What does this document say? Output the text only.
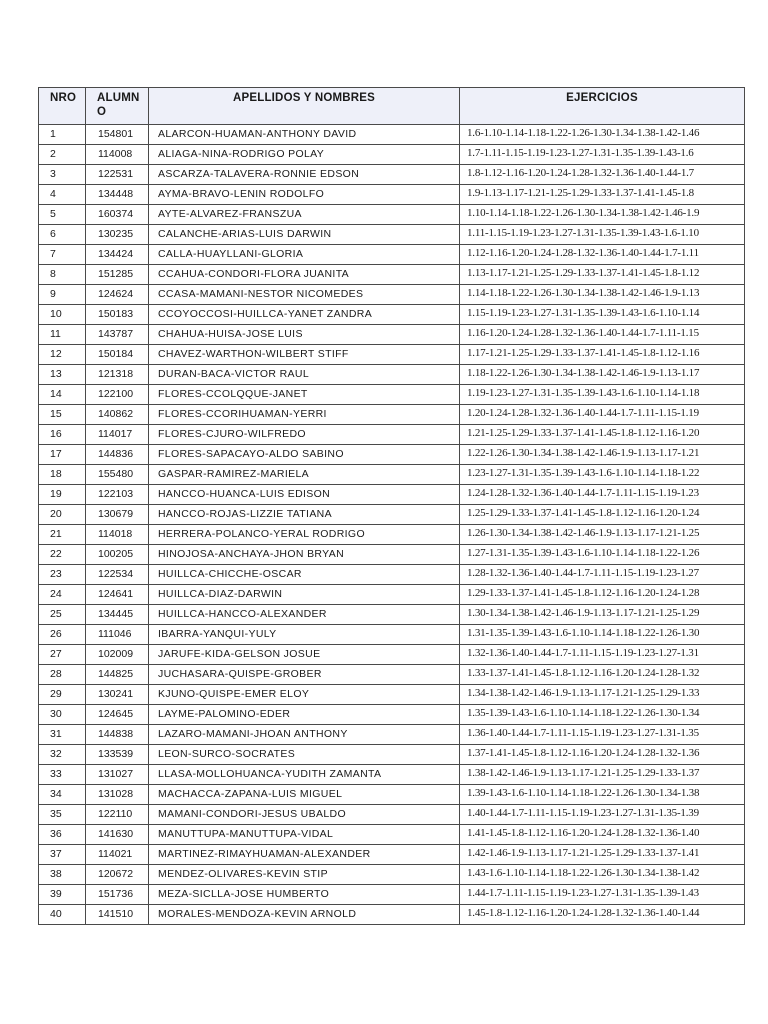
NRO	ALUMNO	APELLIDOS Y NOMBRES	EJERCICIOS
1	154801	ALARCON-HUAMAN-ANTHONY DAVID	1.6-1.10-1.14-1.18-1.22-1.26-1.30-1.34-1.38-1.42-1.46
2	114008	ALIAGA-NINA-RODRIGO POLAY	1.7-1.11-1.15-1.19-1.23-1.27-1.31-1.35-1.39-1.43-1.6
3	122531	ASCARZA-TALAVERA-RONNIE EDSON	1.8-1.12-1.16-1.20-1.24-1.28-1.32-1.36-1.40-1.44-1.7
4	134448	AYMA-BRAVO-LENIN RODOLFO	1.9-1.13-1.17-1.21-1.25-1.29-1.33-1.37-1.41-1.45-1.8
5	160374	AYTE-ALVAREZ-FRANSZUA	1.10-1.14-1.18-1.22-1.26-1.30-1.34-1.38-1.42-1.46-1.9
6	130235	CALANCHE-ARIAS-LUIS DARWIN	1.11-1.15-1.19-1.23-1.27-1.31-1.35-1.39-1.43-1.6-1.10
7	134424	CALLA-HUAYLLANI-GLORIA	1.12-1.16-1.20-1.24-1.28-1.32-1.36-1.40-1.44-1.7-1.11
8	151285	CCAHUA-CONDORI-FLORA JUANITA	1.13-1.17-1.21-1.25-1.29-1.33-1.37-1.41-1.45-1.8-1.12
9	124624	CCASA-MAMANI-NESTOR NICOMEDES	1.14-1.18-1.22-1.26-1.30-1.34-1.38-1.42-1.46-1.9-1.13
10	150183	CCOYOCCOSI-HUILLCA-YANET ZANDRA	1.15-1.19-1.23-1.27-1.31-1.35-1.39-1.43-1.6-1.10-1.14
11	143787	CHAHUA-HUISA-JOSE LUIS	1.16-1.20-1.24-1.28-1.32-1.36-1.40-1.44-1.7-1.11-1.15
12	150184	CHAVEZ-WARTHON-WILBERT STIFF	1.17-1.21-1.25-1.29-1.33-1.37-1.41-1.45-1.8-1.12-1.16
13	121318	DURAN-BACA-VICTOR RAUL	1.18-1.22-1.26-1.30-1.34-1.38-1.42-1.46-1.9-1.13-1.17
14	122100	FLORES-CCOLQQUE-JANET	1.19-1.23-1.27-1.31-1.35-1.39-1.43-1.6-1.10-1.14-1.18
15	140862	FLORES-CCORIHUAMAN-YERRI	1.20-1.24-1.28-1.32-1.36-1.40-1.44-1.7-1.11-1.15-1.19
16	114017	FLORES-CJURO-WILFREDO	1.21-1.25-1.29-1.33-1.37-1.41-1.45-1.8-1.12-1.16-1.20
17	144836	FLORES-SAPACAYO-ALDO SABINO	1.22-1.26-1.30-1.34-1.38-1.42-1.46-1.9-1.13-1.17-1.21
18	155480	GASPAR-RAMIREZ-MARIELA	1.23-1.27-1.31-1.35-1.39-1.43-1.6-1.10-1.14-1.18-1.22
19	122103	HANCCO-HUANCA-LUIS EDISON	1.24-1.28-1.32-1.36-1.40-1.44-1.7-1.11-1.15-1.19-1.23
20	130679	HANCCO-ROJAS-LIZZIE TATIANA	1.25-1.29-1.33-1.37-1.41-1.45-1.8-1.12-1.16-1.20-1.24
21	114018	HERRERA-POLANCO-YERAL RODRIGO	1.26-1.30-1.34-1.38-1.42-1.46-1.9-1.13-1.17-1.21-1.25
22	100205	HINOJOSA-ANCHAYA-JHON BRYAN	1.27-1.31-1.35-1.39-1.43-1.6-1.10-1.14-1.18-1.22-1.26
23	122534	HUILLCA-CHICCHE-OSCAR	1.28-1.32-1.36-1.40-1.44-1.7-1.11-1.15-1.19-1.23-1.27
24	124641	HUILLCA-DIAZ-DARWIN	1.29-1.33-1.37-1.41-1.45-1.8-1.12-1.16-1.20-1.24-1.28
25	134445	HUILLCA-HANCCO-ALEXANDER	1.30-1.34-1.38-1.42-1.46-1.9-1.13-1.17-1.21-1.25-1.29
26	111046	IBARRA-YANQUI-YULY	1.31-1.35-1.39-1.43-1.6-1.10-1.14-1.18-1.22-1.26-1.30
27	102009	JARUFE-KIDA-GELSON JOSUE	1.32-1.36-1.40-1.44-1.7-1.11-1.15-1.19-1.23-1.27-1.31
28	144825	JUCHASARA-QUISPE-GROBER	1.33-1.37-1.41-1.45-1.8-1.12-1.16-1.20-1.24-1.28-1.32
29	130241	KJUNO-QUISPE-EMER ELOY	1.34-1.38-1.42-1.46-1.9-1.13-1.17-1.21-1.25-1.29-1.33
30	124645	LAYME-PALOMINO-EDER	1.35-1.39-1.43-1.6-1.10-1.14-1.18-1.22-1.26-1.30-1.34
31	144838	LAZARO-MAMANI-JHOAN ANTHONY	1.36-1.40-1.44-1.7-1.11-1.15-1.19-1.23-1.27-1.31-1.35
32	133539	LEON-SURCO-SOCRATES	1.37-1.41-1.45-1.8-1.12-1.16-1.20-1.24-1.28-1.32-1.36
33	131027	LLASA-MOLLOHUANCA-YUDITH ZAMANTA	1.38-1.42-1.46-1.9-1.13-1.17-1.21-1.25-1.29-1.33-1.37
34	131028	MACHACCA-ZAPANA-LUIS MIGUEL	1.39-1.43-1.6-1.10-1.14-1.18-1.22-1.26-1.30-1.34-1.38
35	122110	MAMANI-CONDORI-JESUS UBALDO	1.40-1.44-1.7-1.11-1.15-1.19-1.23-1.27-1.31-1.35-1.39
36	141630	MANUTTUPA-MANUTTUPA-VIDAL	1.41-1.45-1.8-1.12-1.16-1.20-1.24-1.28-1.32-1.36-1.40
37	114021	MARTINEZ-RIMAYHUAMAN-ALEXANDER	1.42-1.46-1.9-1.13-1.17-1.21-1.25-1.29-1.33-1.37-1.41
38	120672	MENDEZ-OLIVARES-KEVIN STIP	1.43-1.6-1.10-1.14-1.18-1.22-1.26-1.30-1.34-1.38-1.42
39	151736	MEZA-SICLLA-JOSE HUMBERTO	1.44-1.7-1.11-1.15-1.19-1.23-1.27-1.31-1.35-1.39-1.43
40	141510	MORALES-MENDOZA-KEVIN ARNOLD	1.45-1.8-1.12-1.16-1.20-1.24-1.28-1.32-1.36-1.40-1.44
